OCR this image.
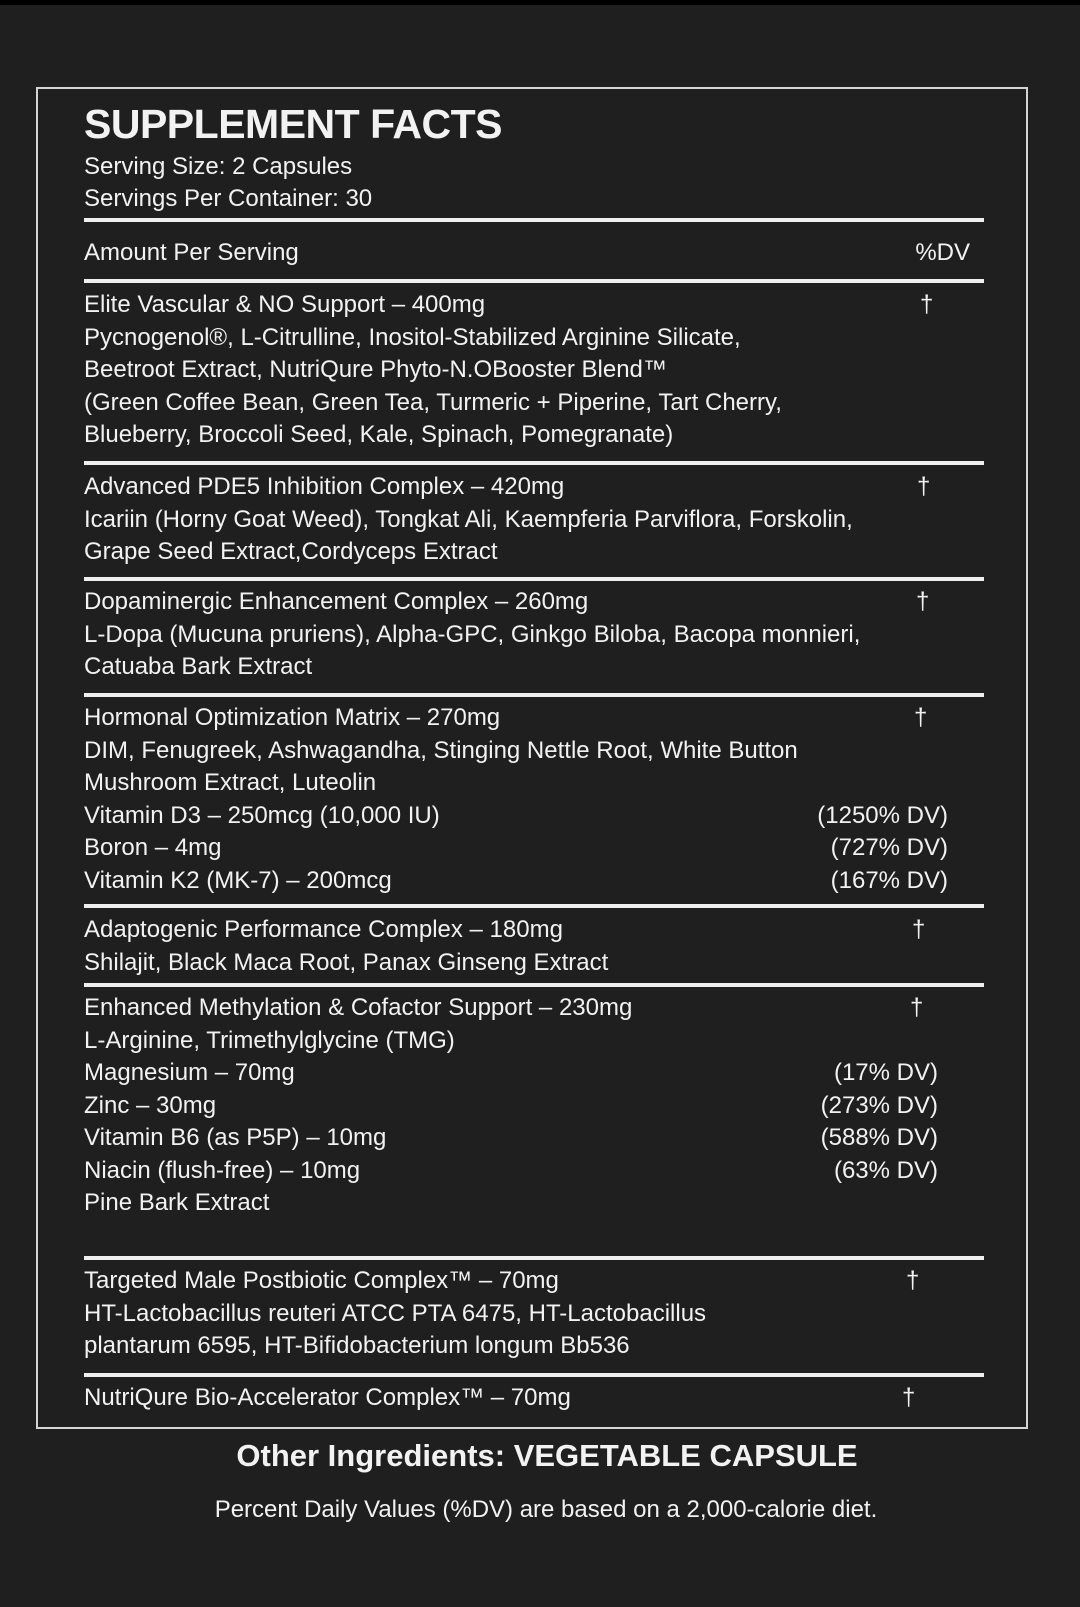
SUPPLEMENT FACTS
Serving Size: 2 Capsules
Servings Per Container: 30
Amount Per Serving	%DV
Elite Vascular & NO Support – 400mg	†
Pycnogenol®, L-Citrulline, Inositol-Stabilized Arginine Silicate,
Beetroot Extract, NutriQure Phyto-N.OBooster Blend™
(Green Coffee Bean, Green Tea, Turmeric + Piperine, Tart Cherry,
Blueberry, Broccoli Seed, Kale, Spinach, Pomegranate)
Advanced PDE5 Inhibition Complex – 420mg	†
Icariin (Horny Goat Weed), Tongkat Ali, Kaempferia Parviflora, Forskolin,
Grape Seed Extract,Cordyceps Extract
Dopaminergic Enhancement Complex – 260mg	†
L-Dopa (Mucuna pruriens), Alpha-GPC, Ginkgo Biloba, Bacopa monnieri,
Catuaba Bark Extract
Hormonal Optimization Matrix – 270mg	†
DIM, Fenugreek, Ashwagandha, Stinging Nettle Root, White Button
Mushroom Extract, Luteolin
Vitamin D3 – 250mcg (10,000 IU)	(1250% DV)
Boron – 4mg	(727% DV)
Vitamin K2 (MK-7) – 200mcg	(167% DV)
Adaptogenic Performance Complex – 180mg	†
Shilajit, Black Maca Root, Panax Ginseng Extract
Enhanced Methylation & Cofactor Support – 230mg	†
L-Arginine, Trimethylglycine (TMG)
Magnesium – 70mg	(17% DV)
Zinc – 30mg	(273% DV)
Vitamin B6 (as P5P) – 10mg	(588% DV)
Niacin (flush-free) – 10mg	(63% DV)
Pine Bark Extract
Targeted Male Postbiotic Complex™ – 70mg	†
HT-Lactobacillus reuteri ATCC PTA 6475, HT-Lactobacillus
plantarum 6595, HT-Bifidobacterium longum Bb536
NutriQure Bio-Accelerator Complex™ – 70mg	†
Other Ingredients: VEGETABLE CAPSULE
Percent Daily Values (%DV) are based on a 2,000-calorie diet.
